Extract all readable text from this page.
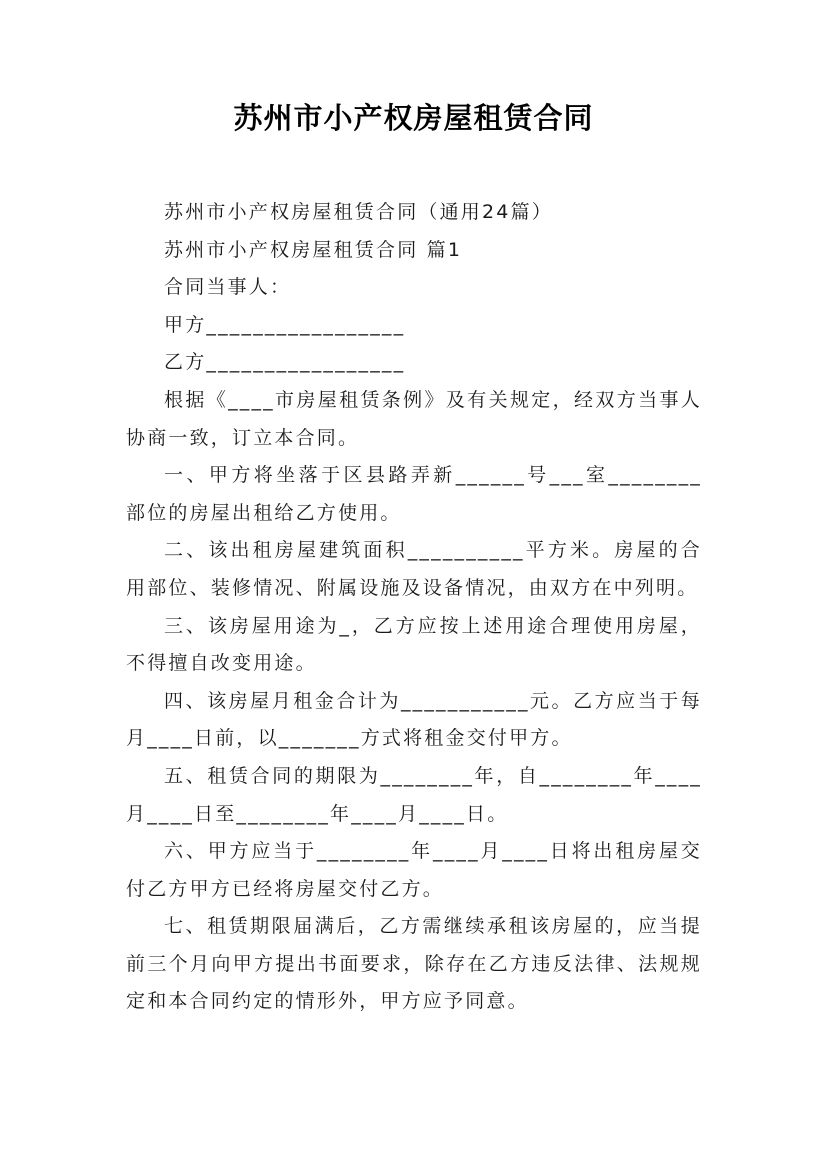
苏州市小产权房屋租赁合同

苏州市小产权房屋租赁合同（通用24篇）

苏州市小产权房屋租赁合同 篇1

合同当事人：

甲方_________________

乙方_________________

根据《____市房屋租赁条例》及有关规定，经双方当事人协商一致，订立本合同。

一、甲方将坐落于区县路弄新______号___室________部位的房屋出租给乙方使用。

二、该出租房屋建筑面积__________平方米。房屋的合用部位、装修情况、附属设施及设备情况，由双方在中列明。

三、该房屋用途为_，乙方应按上述用途合理使用房屋，不得擅自改变用途。

四、该房屋月租金合计为___________元。乙方应当于每月____日前，以_______方式将租金交付甲方。

五、租赁合同的期限为________年，自________年____月____日至________年____月____日。

六、甲方应当于________年____月____日将出租房屋交付乙方甲方已经将房屋交付乙方。

七、租赁期限届满后，乙方需继续承租该房屋的，应当提前三个月向甲方提出书面要求，除存在乙方违反法律、法规规定和本合同约定的情形外，甲方应予同意。
